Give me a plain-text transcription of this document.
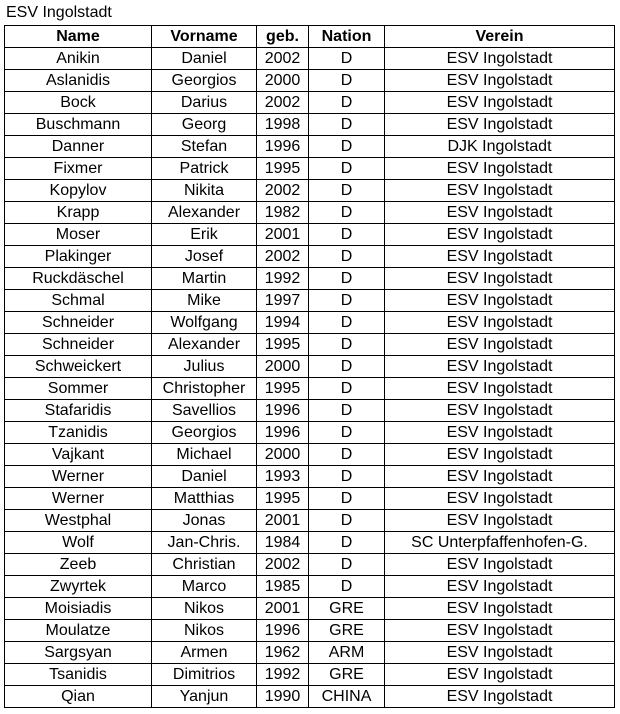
ESV Ingolstadt
Name	Vorname	geb.	Nation	Verein
Anikin	Daniel	2002	D	ESV Ingolstadt
Aslanidis	Georgios	2000	D	ESV Ingolstadt
Bock	Darius	2002	D	ESV Ingolstadt
Buschmann	Georg	1998	D	ESV Ingolstadt
Danner	Stefan	1996	D	DJK Ingolstadt
Fixmer	Patrick	1995	D	ESV Ingolstadt
Kopylov	Nikita	2002	D	ESV Ingolstadt
Krapp	Alexander	1982	D	ESV Ingolstadt
Moser	Erik	2001	D	ESV Ingolstadt
Plakinger	Josef	2002	D	ESV Ingolstadt
Ruckdäschel	Martin	1992	D	ESV Ingolstadt
Schmal	Mike	1997	D	ESV Ingolstadt
Schneider	Wolfgang	1994	D	ESV Ingolstadt
Schneider	Alexander	1995	D	ESV Ingolstadt
Schweickert	Julius	2000	D	ESV Ingolstadt
Sommer	Christopher	1995	D	ESV Ingolstadt
Stafaridis	Savellios	1996	D	ESV Ingolstadt
Tzanidis	Georgios	1996	D	ESV Ingolstadt
Vajkant	Michael	2000	D	ESV Ingolstadt
Werner	Daniel	1993	D	ESV Ingolstadt
Werner	Matthias	1995	D	ESV Ingolstadt
Westphal	Jonas	2001	D	ESV Ingolstadt
Wolf	Jan-Chris.	1984	D	SC Unterpfaffenhofen-G.
Zeeb	Christian	2002	D	ESV Ingolstadt
Zwyrtek	Marco	1985	D	ESV Ingolstadt
Moisiadis	Nikos	2001	GRE	ESV Ingolstadt
Moulatze	Nikos	1996	GRE	ESV Ingolstadt
Sargsyan	Armen	1962	ARM	ESV Ingolstadt
Tsanidis	Dimitrios	1992	GRE	ESV Ingolstadt
Qian	Yanjun	1990	CHINA	ESV Ingolstadt
